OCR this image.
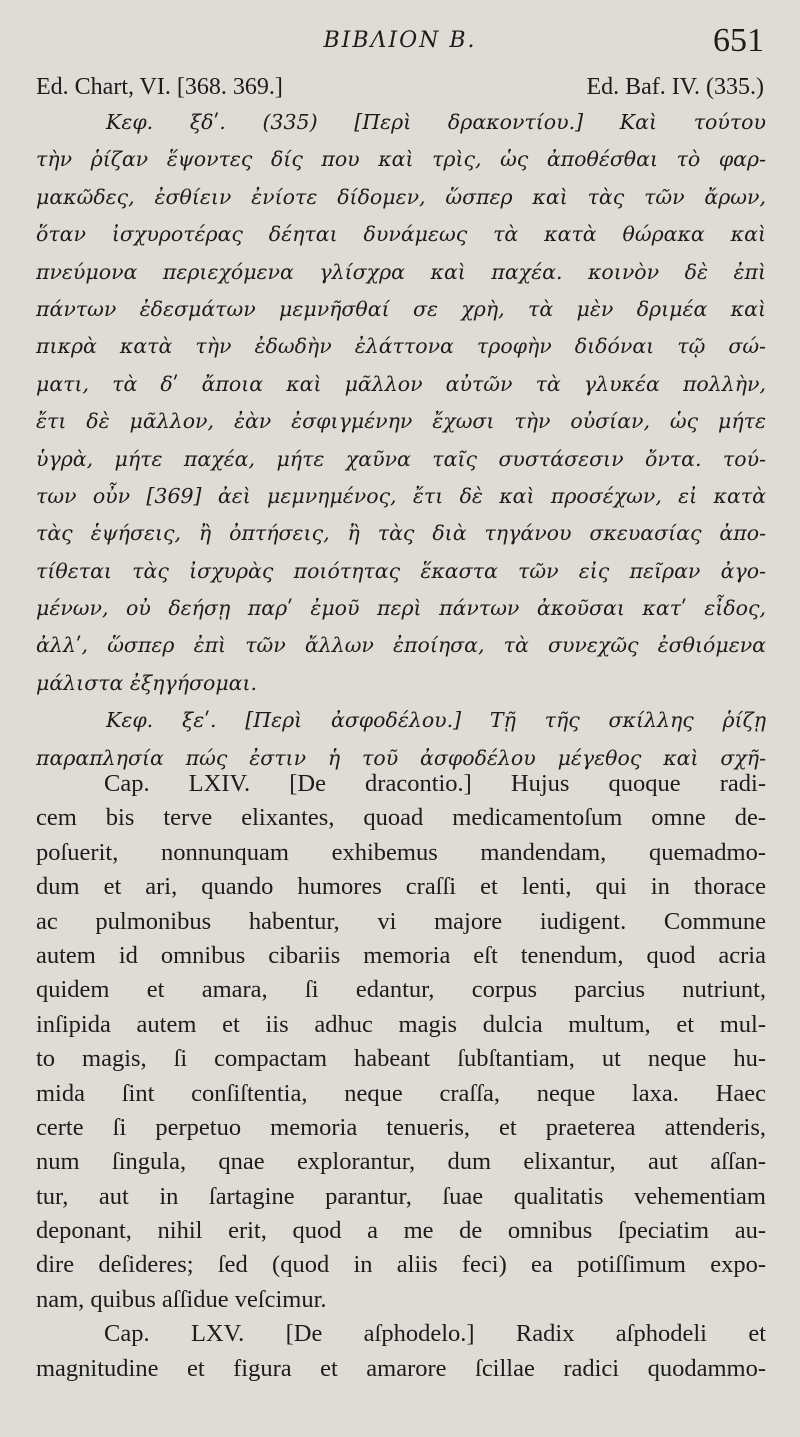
ΒΙΒΛΙΟΝ Β.	651
Ed. Chart, VI. [368. 369.]	Ed. Baf. IV. (335.)
Κεφ. ξδʹ. (335) [Περὶ δρακοντίου.] Καὶ τούτου
τὴν ῥίζαν ἕψοντες δίς που καὶ τρὶς, ὡς ἀποθέσθαι τὸ φαρ-
μακῶδες, ἐσθίειν ἐνίοτε δίδομεν, ὥσπερ καὶ τὰς τῶν ἄρων,
ὅταν ἰσχυροτέρας δέηται δυνάμεως τὰ κατὰ θώρακα καὶ
πνεύμονα περιεχόμενα γλίσχρα καὶ παχέα. κοινὸν δὲ ἐπὶ
πάντων ἐδεσμάτων μεμνῆσθαί σε χρὴ, τὰ μὲν δριμέα καὶ
πικρὰ κατὰ τὴν ἐδωδὴν ἐλάττονα τροφὴν διδόναι τῷ σώ-
ματι, τὰ δʹ ἄποια καὶ μᾶλλον αὐτῶν τὰ γλυκέα πολλὴν,
ἔτι δὲ μᾶλλον, ἐὰν ἐσφιγμένην ἔχωσι τὴν οὐσίαν, ὡς μήτε
ὑγρὰ, μήτε παχέα, μήτε χαῦνα ταῖς συστάσεσιν ὄντα. τού-
των οὖν [369] ἀεὶ μεμνημένος, ἔτι δὲ καὶ προσέχων, εἰ κατὰ
τὰς ἑψήσεις, ἢ ὀπτήσεις, ἢ τὰς διὰ τηγάνου σκευασίας ἀπο-
τίθεται τὰς ἰσχυρὰς ποιότητας ἕκαστα τῶν εἰς πεῖραν ἀγο-
μένων, οὐ δεήσῃ παρʹ ἐμοῦ περὶ πάντων ἀκοῦσαι κατʹ εἶδος,
ἀλλʹ, ὥσπερ ἐπὶ τῶν ἄλλων ἐποίησα, τὰ συνεχῶς ἐσθιόμενα
μάλιστα ἐξηγήσομαι.
Κεφ. ξεʹ. [Περὶ ἀσφοδέλου.] Τῇ τῆς σκίλλης ῥίζῃ
παραπλησία πώς ἐστιν ἡ τοῦ ἀσφοδέλου μέγεθος καὶ σχῆ-
Cap. LXIV. [De dracontio.] Hujus quoque radi-
cem bis terve elixantes, quoad medicamentoſum omne de-
poſuerit, nonnunquam exhibemus mandendam, quemadmo-
dum et ari, quando humores craſſi et lenti, qui in thorace
ac pulmonibus habentur, vi majore iudigent. Commune
autem id omnibus cibariis memoria eſt tenendum, quod acria
quidem et amara, ſi edantur, corpus parcius nutriunt,
inſipida autem et iis adhuc magis dulcia multum, et mul-
to magis, ſi compactam habeant ſubſtantiam, ut neque hu-
mida ſint conſiſtentia, neque craſſa, neque laxa. Haec
certe ſi perpetuo memoria tenueris, et praeterea attenderis,
num ſingula, qnae explorantur, dum elixantur, aut aſſan-
tur, aut in ſartagine parantur, ſuae qualitatis vehementiam
deponant, nihil erit, quod a me de omnibus ſpeciatim au-
dire deſideres; ſed (quod in aliis feci) ea potiſſimum expo-
nam, quibus aſſidue veſcimur.
Cap. LXV. [De aſphodelo.] Radix aſphodeli et
magnitudine et figura et amarore ſcillae radici quodammo-
